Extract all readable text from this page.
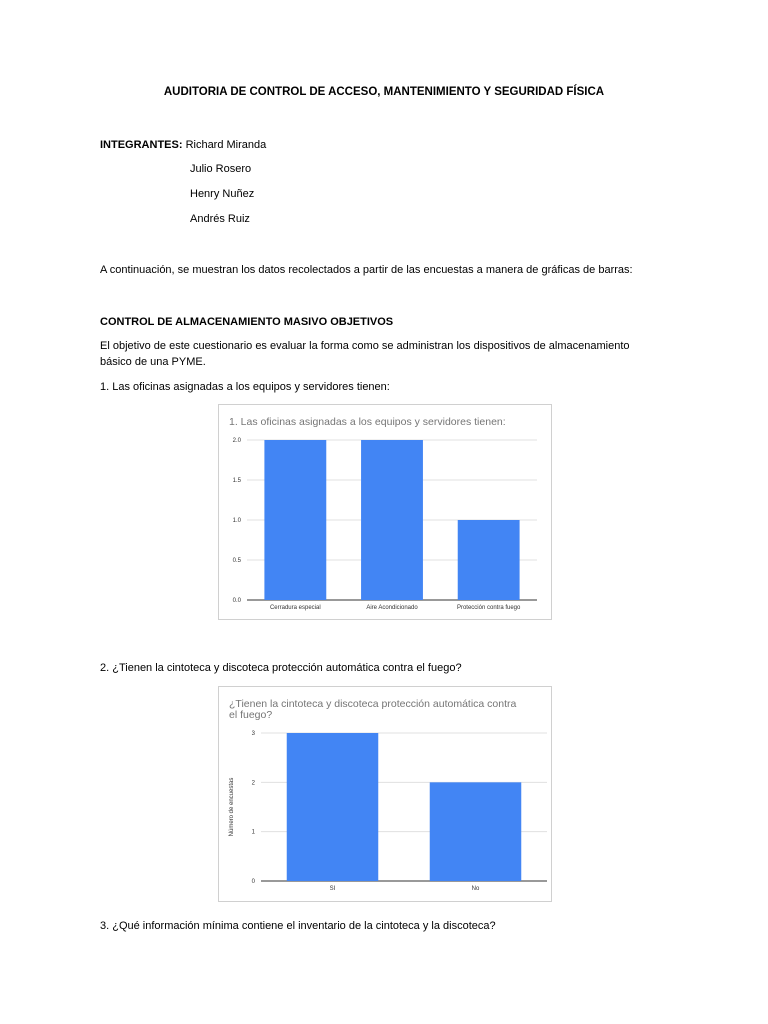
AUDITORIA DE CONTROL DE ACCESO, MANTENIMIENTO Y SEGURIDAD FÍSICA
INTEGRANTES: Richard Miranda
Julio Rosero
Henry Nuñez
Andrés Ruiz
A continuación, se muestran los datos recolectados a partir de las encuestas a manera de gráficas de barras:
CONTROL DE ALMACENAMIENTO MASIVO OBJETIVOS
El objetivo de este cuestionario es evaluar la forma como se administran los dispositivos de almacenamiento
básico de una PYME.
1. Las oficinas asignadas a los equipos y servidores tienen:
1. Las oficinas asignadas a los equipos y servidores tienen:
0.0
0.5
1.0
1.5
2.0
Cerradura especial	Aire Acondicionado	Protección contra fuego
2. ¿Tienen la cintoteca y discoteca protección automática contra el fuego?
¿Tienen la cintoteca y discoteca protección automática contra
el fuego?
0
1
2
3
SI	No
Número de encuestas
3. ¿Qué información mínima contiene el inventario de la cintoteca y la discoteca?
